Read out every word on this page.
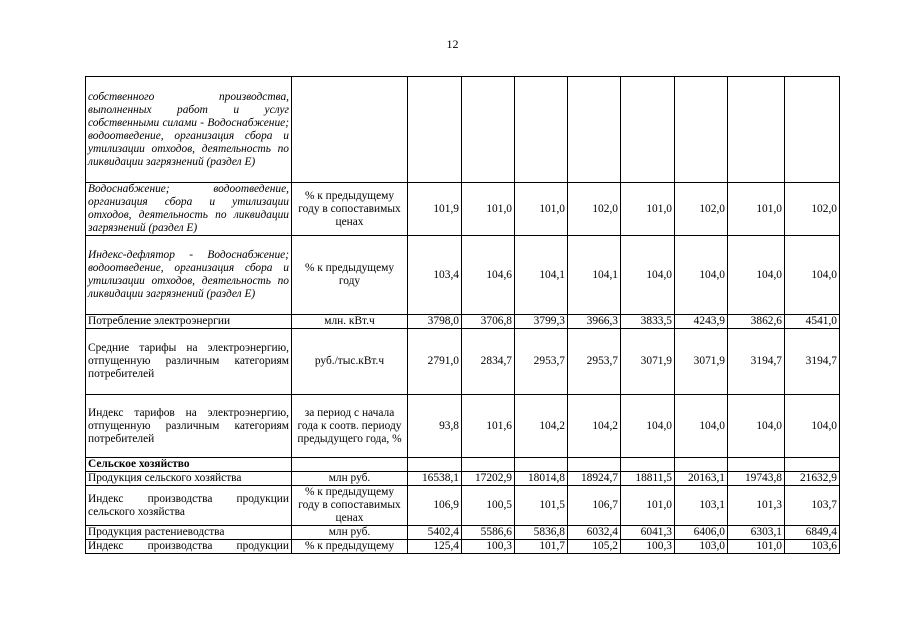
12
собственного производства, выполненных работ и услуг собственными силами - Водоснабжение; водоотведение, организация сбора и утилизации отходов, деятельность по ликвидации загрязнений (раздел E)									
Водоснабжение; водоотведение, организация сбора и утилизации отходов, деятельность по ликвидации загрязнений (раздел E)	% к предыдущему году в сопоставимых ценах	101,9	101,0	101,0	102,0	101,0	102,0	101,0	102,0
Индекс-дефлятор - Водоснабжение; водоотведение, организация сбора и утилизации отходов, деятельность по ликвидации загрязнений (раздел E)	% к предыдущему году	103,4	104,6	104,1	104,1	104,0	104,0	104,0	104,0
Потребление электроэнергии	млн. кВт.ч	3798,0	3706,8	3799,3	3966,3	3833,5	4243,9	3862,6	4541,0
Средние тарифы на электроэнергию, отпущенную различным категориям потребителей	руб./тыс.кВт.ч	2791,0	2834,7	2953,7	2953,7	3071,9	3071,9	3194,7	3194,7
Индекс тарифов на электроэнергию, отпущенную различным категориям потребителей	за период с начала года к соотв. периоду предыдущего года, %	93,8	101,6	104,2	104,2	104,0	104,0	104,0	104,0
Сельское хозяйство									
Продукция сельского хозяйства	млн руб.	16538,1	17202,9	18014,8	18924,7	18811,5	20163,1	19743,8	21632,9
Индекс производства продукции сельского хозяйства	% к предыдущему году в сопоставимых ценах	106,9	100,5	101,5	106,7	101,0	103,1	101,3	103,7
Продукция растениеводства	млн руб.	5402,4	5586,6	5836,8	6032,4	6041,3	6406,0	6303,1	6849,4
Индекс производства продукции	% к предыдущему	125,4	100,3	101,7	105,2	100,3	103,0	101,0	103,6
